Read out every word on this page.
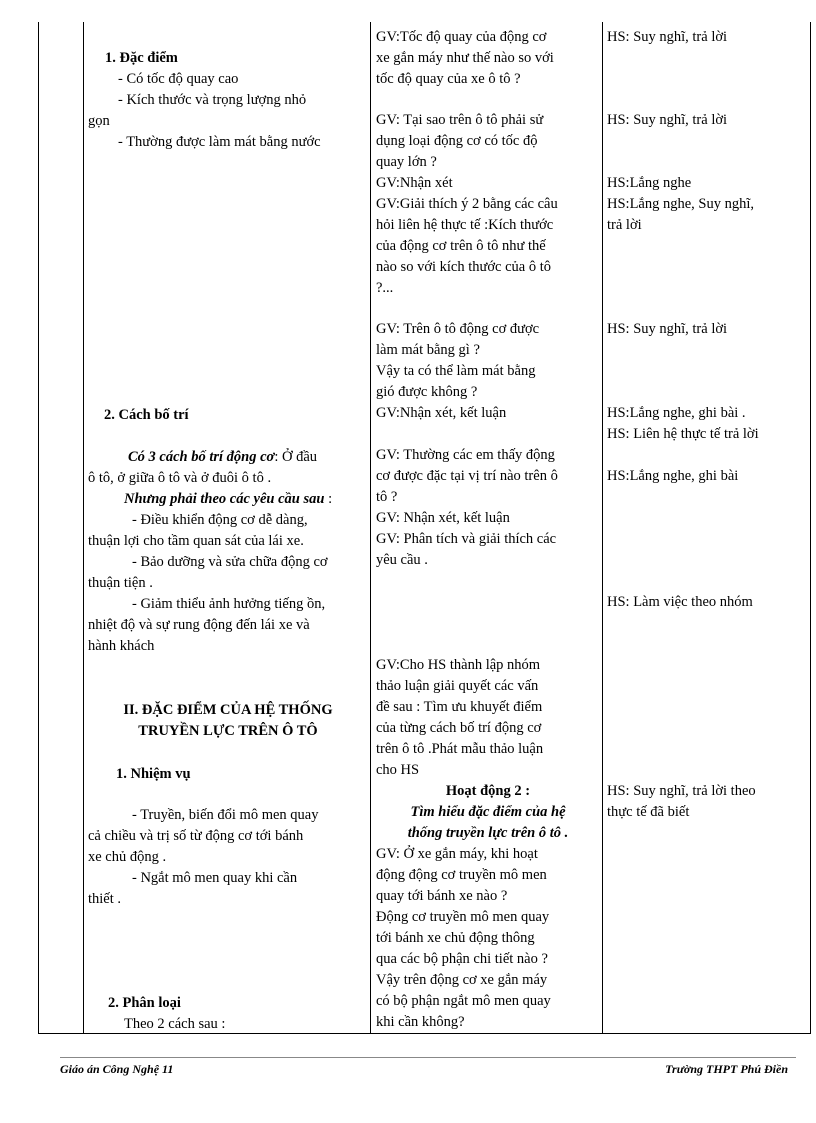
1. Đặc điểm
- Có tốc độ quay cao
- Kích thước và trọng lượng nhỏ
gọn
- Thường được làm mát bằng nước
2. Cách bố trí
Có 3 cách bố trí động cơ: Ở đầu
ô tô, ở giữa ô tô và ở đuôi ô tô .
Nhưng phải theo các yêu cầu sau :
- Điều khiển động cơ dễ dàng,
thuận lợi cho tầm quan sát của lái xe.
- Bảo dưỡng và sửa chữa động cơ
thuận tiện .
- Giảm thiểu ảnh hưởng tiếng ồn,
nhiệt độ và sự rung động đến lái xe và
hành khách
II. ĐẶC ĐIỂM CỦA HỆ THỐNG
TRUYỀN LỰC TRÊN Ô TÔ
1. Nhiệm vụ
- Truyền, biến đổi mô men quay
cả chiều và trị số từ động cơ tới bánh
xe chủ động .
- Ngắt mô men quay khi cần
thiết .
2. Phân loại
Theo 2 cách sau :
GV:Tốc độ quay của động cơ
xe gắn máy như thế nào so với
tốc độ quay của xe ô tô ?
GV: Tại sao trên ô tô phải sử
dụng loại động cơ có tốc độ
quay lớn ?
GV:Nhận xét
GV:Giải thích ý 2 bằng các câu
hỏi liên hệ thực tế :Kích thước
của động cơ trên ô tô như thế
nào so với kích thước của ô tô
?...
GV: Trên ô tô động cơ được
làm mát bằng gì ?
Vậy ta có thể làm mát bằng
gió được không ?
GV:Nhận xét, kết luận
GV: Thường các em thấy động
cơ được đặc tại vị trí nào trên ô
tô ?
GV: Nhận xét, kết luận
GV: Phân tích và giải thích các
yêu cầu .
GV:Cho HS thành lập nhóm
thảo luận giải quyết các vấn
đề sau : Tìm ưu khuyết điểm
của từng cách bố trí động cơ
trên ô tô .Phát mẫu thảo luận
cho HS
Hoạt động 2 :
Tìm hiểu đặc điểm của hệ
thống truyền lực trên ô tô .
GV: Ở xe gắn máy, khi hoạt
động động cơ truyền mô men
quay tới bánh xe nào ?
Động cơ truyền mô men quay
tới bánh xe chủ động thông
qua các bộ phận chi tiết nào ?
Vậy trên động cơ xe gắn máy
có bộ phận ngắt mô men quay
khi cần không?
HS: Suy nghĩ, trả lời
HS: Suy nghĩ, trả lời
HS:Lắng nghe
HS:Lắng nghe, Suy nghĩ,
trả lời
HS: Suy nghĩ, trả lời
HS:Lắng nghe, ghi bài .
HS: Liên hệ thực tế trả lời
HS:Lắng nghe, ghi bài
HS: Làm việc theo nhóm
HS: Suy nghĩ, trả lời theo
thực tế đã biết
Giáo án Công Nghệ 11	Trường THPT Phú Điền
